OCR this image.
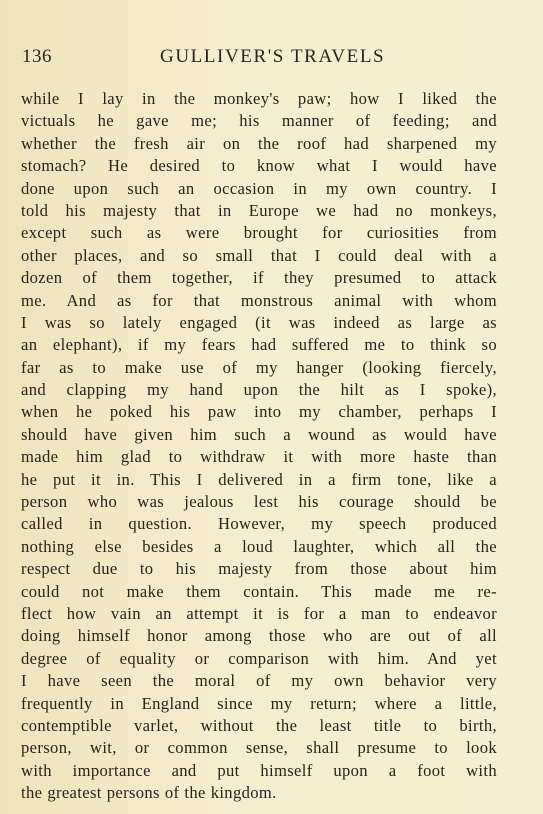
136	GULLIVER'S TRAVELS
while I lay in the monkey's paw; how I liked the
victuals he gave me; his manner of feeding; and
whether the fresh air on the roof had sharpened my
stomach? He desired to know what I would have
done upon such an occasion in my own country. I
told his majesty that in Europe we had no monkeys,
except such as were brought for curiosities from
other places, and so small that I could deal with a
dozen of them together, if they presumed to attack
me. And as for that monstrous animal with whom
I was so lately engaged (it was indeed as large as
an elephant), if my fears had suffered me to think so
far as to make use of my hanger (looking fiercely,
and clapping my hand upon the hilt as I spoke),
when he poked his paw into my chamber, perhaps I
should have given him such a wound as would have
made him glad to withdraw it with more haste than
he put it in. This I delivered in a firm tone, like a
person who was jealous lest his courage should be
called in question. However, my speech produced
nothing else besides a loud laughter, which all the
respect due to his majesty from those about him
could not make them contain. This made me re-
flect how vain an attempt it is for a man to endeavor
doing himself honor among those who are out of all
degree of equality or comparison with him. And yet
I have seen the moral of my own behavior very
frequently in England since my return; where a little,
contemptible varlet, without the least title to birth,
person, wit, or common sense, shall presume to look
with importance and put himself upon a foot with
the greatest persons of the kingdom.
